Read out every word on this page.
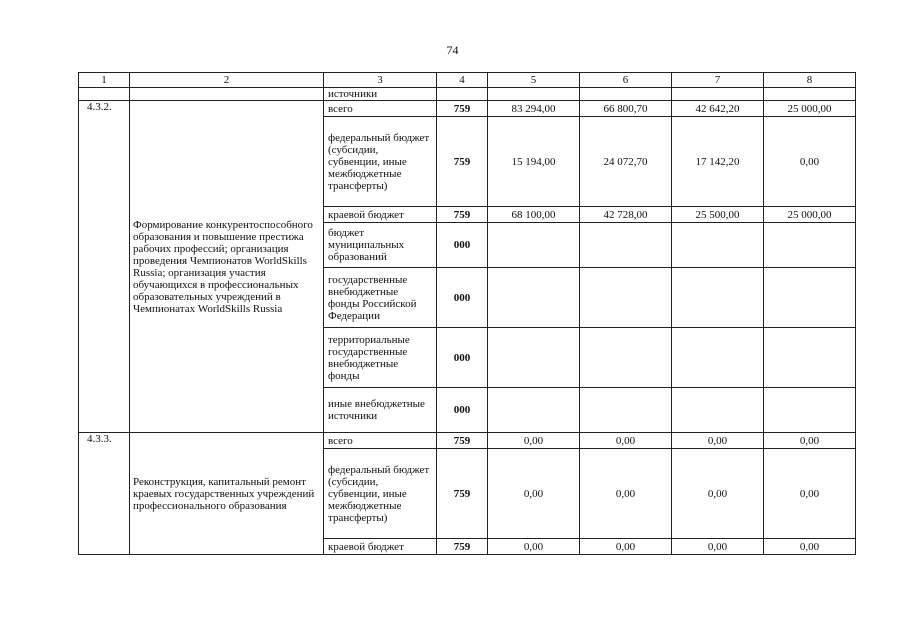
74
1	2	3	4	5	6	7	8
		источники					
4.3.2.	Формирование конкурентоспособного образования и повышение престижа рабочих профессий; организация проведения Чемпионатов WorldSkills Russia; организация участия обучающихся в профессиональных образовательных учреждений в Чемпионатах WorldSkills Russia	всего	759	83 294,00	66 800,70	42 642,20	25 000,00
		федеральный бюджет (субсидии, субвенции, иные межбюджетные трансферты)	759	15 194,00	24 072,70	17 142,20	0,00
		краевой бюджет	759	68 100,00	42 728,00	25 500,00	25 000,00
		бюджет муниципальных образований	000				
		государственные внебюджетные фонды Российской Федерации	000				
		территориальные государственные внебюджетные фонды	000				
		иные внебюджетные источники	000				
4.3.3.	Реконструкция, капитальный ремонт краевых государственных учреждений профессионального образования	всего	759	0,00	0,00	0,00	0,00
		федеральный бюджет (субсидии, субвенции, иные межбюджетные трансферты)	759	0,00	0,00	0,00	0,00
		краевой бюджет	759	0,00	0,00	0,00	0,00
